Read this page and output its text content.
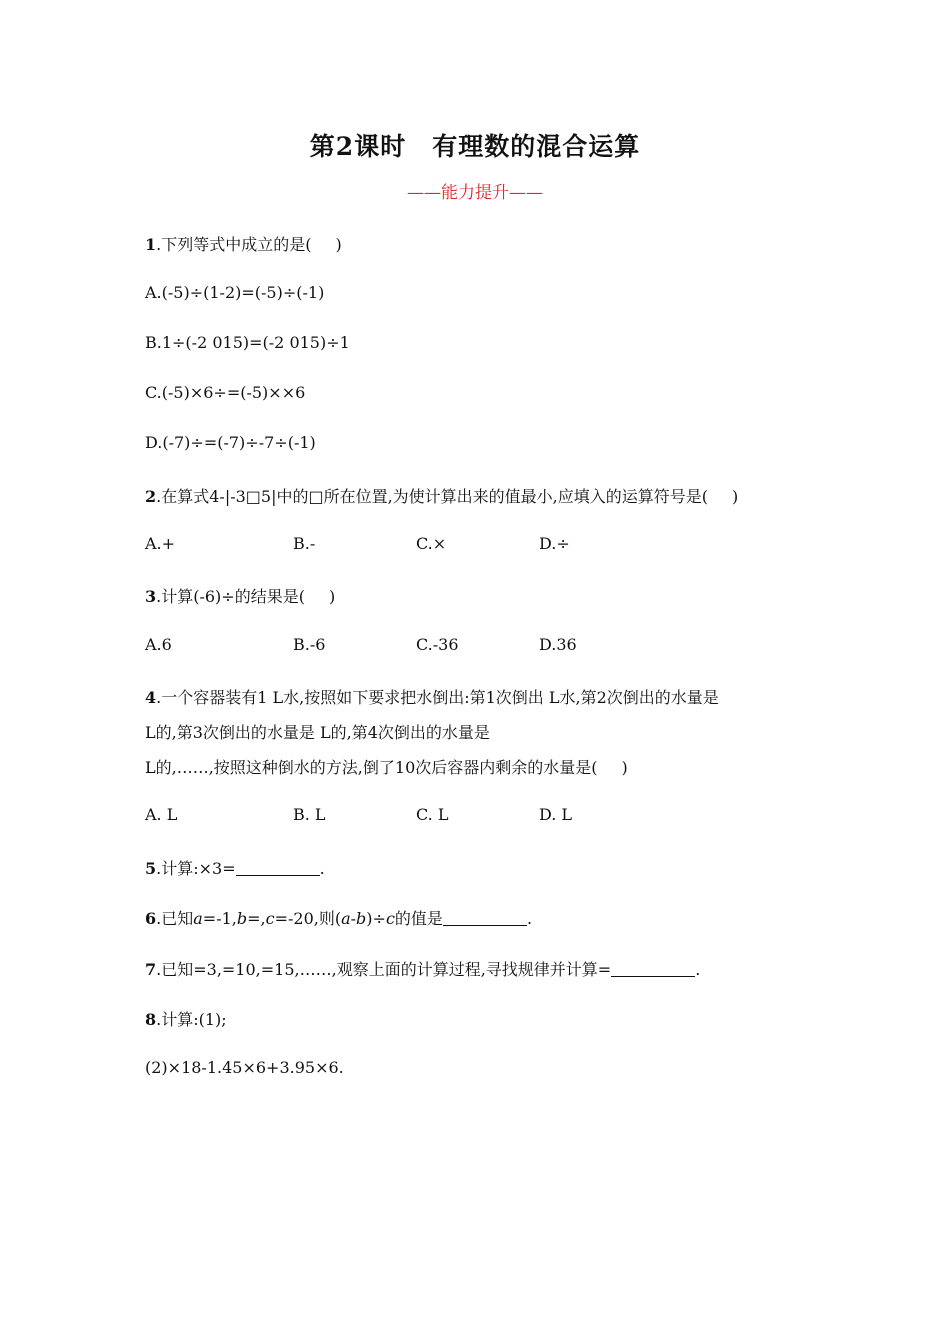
第2课时　有理数的混合运算
——能力提升——
1.下列等式中成立的是( )
A.(-5)÷(1-2)=(-5)÷(-1)
B.1÷(-2 015)=(-2 015)÷1
C.(-5)×6÷=(-5)××6
D.(-7)÷=(-7)÷-7÷(-1)
2.在算式4-|-3□5|中的□所在位置,为使计算出来的值最小,应填入的运算符号是( )
A.+	B.-	C.×	D.÷
3.计算(-6)÷的结果是( )
A.6	B.-6	C.-36	D.36
4.一个容器装有1 L水,按照如下要求把水倒出:第1次倒出 L水,第2次倒出的水量是
L的,第3次倒出的水量是 L的,第4次倒出的水量是
L的,……,按照这种倒水的方法,倒了10次后容器内剩余的水量是( )
A. L	B. L	C. L	D. L
5.计算:×3=	.
6.已知a=-1,b=,c=-20,则(a-b)÷c的值是	.
7.已知=3,=10,=15,……,观察上面的计算过程,寻找规律并计算=	.
8.计算:(1);
(2)×18-1.45×6+3.95×6.
